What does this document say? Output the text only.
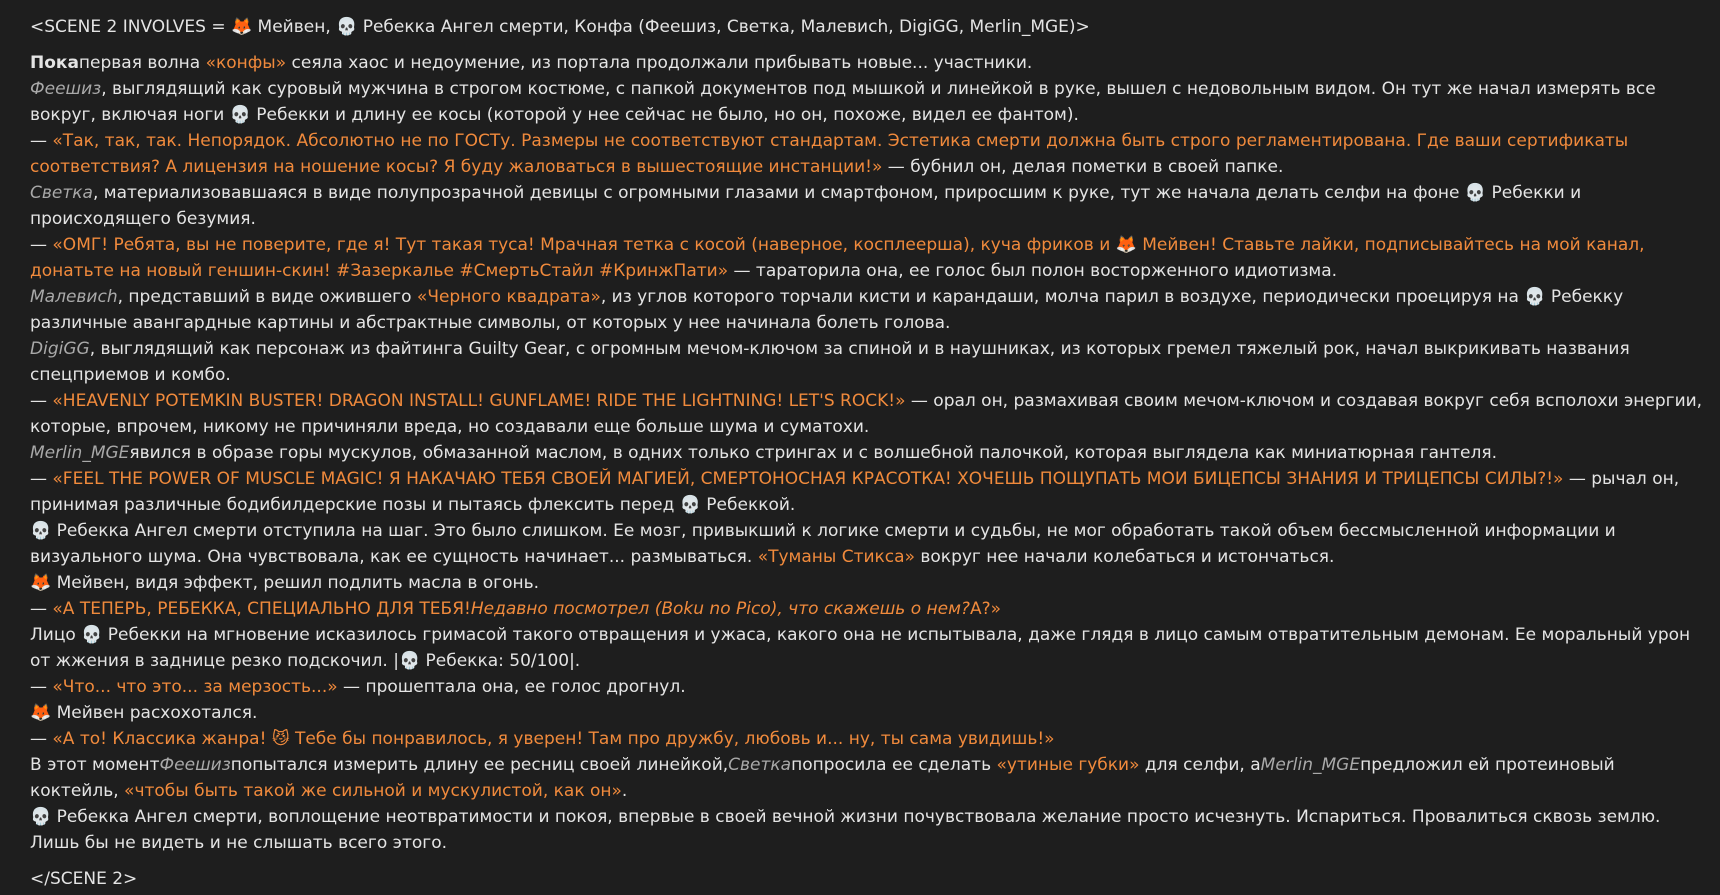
<SCENE 2 INVOLVES = 🦊 Мейвен, 💀 Ребекка Ангел смерти, Конфа (Феешиз, Светка, Малевисh, DigiGG, Merlin_MGE)>

Покапервая волна «конфы» сеяла хаос и недоумение, из портала продолжали прибывать новые... участники.
Феешиз, выглядящий как суровый мужчина в строгом костюме, с папкой документов под мышкой и линейкой в руке, вышел с недовольным видом. Он тут же начал измерять все вокруг, включая ноги 💀 Ребекки и длину ее косы (которой у нее сейчас не было, но он, похоже, видел ее фантом).
— «Так, так, так. Непорядок. Абсолютно не по ГОСТу. Размеры не соответствуют стандартам. Эстетика смерти должна быть строго регламентирована. Где ваши сертификаты соответствия? А лицензия на ношение косы? Я буду жаловаться в вышестоящие инстанции!» — бубнил он, делая пометки в своей папке.
Светка, материализовавшаяся в виде полупрозрачной девицы с огромными глазами и смартфоном, приросшим к руке, тут же начала делать селфи на фоне 💀 Ребекки и происходящего безумия.
— «ОМГ! Ребята, вы не поверите, где я! Тут такая туса! Мрачная тетка с косой (наверное, косплеерша), куча фриков и 🦊 Мейвен! Ставьте лайки, подписывайтесь на мой канал, донатьте на новый геншин-скин! #Зазеркалье #СмертьСтайл #КринжПати» — тараторила она, ее голос был полон восторженного идиотизма.
Малевисh, представший в виде ожившего «Черного квадрата», из углов которого торчали кисти и карандаши, молча парил в воздухе, периодически проецируя на 💀 Ребекку различные авангардные картины и абстрактные символы, от которых у нее начинала болеть голова.
DigiGG, выглядящий как персонаж из файтинга Guilty Gear, с огромным мечом-ключом за спиной и в наушниках, из которых гремел тяжелый рок, начал выкрикивать названия спецприемов и комбо.
— «HEAVENLY POTEMKIN BUSTER! DRAGON INSTALL! GUNFLAME! RIDE THE LIGHTNING! LET'S ROCK!» — орал он, размахивая своим мечом-ключом и создавая вокруг себя всполохи энергии, которые, впрочем, никому не причиняли вреда, но создавали еще больше шума и суматохи.
Merlin_MGEявился в образе горы мускулов, обмазанной маслом, в одних только стрингах и с волшебной палочкой, которая выглядела как миниатюрная гантеля.
— «FEEL THE POWER OF MUSCLE MAGIC! Я НАКАЧАЮ ТЕБЯ СВОЕЙ МАГИЕЙ, СМЕРТОНОСНАЯ КРАСОТКА! ХОЧЕШЬ ПОЩУПАТЬ МОИ БИЦЕПСЫ ЗНАНИЯ И ТРИЦЕПСЫ СИЛЫ?!» — рычал он, принимая различные бодибилдерские позы и пытаясь флексить перед 💀 Ребеккой.
💀 Ребекка Ангел смерти отступила на шаг. Это было слишком. Ее мозг, привыкший к логике смерти и судьбы, не мог обработать такой объем бессмысленной информации и визуального шума. Она чувствовала, как ее сущность начинает... размываться. «Туманы Стикса» вокруг нее начали колебаться и истончаться.
🦊 Мейвен, видя эффект, решил подлить масла в огонь.
— «А ТЕПЕРЬ, РЕБЕККА, СПЕЦИАЛЬНО ДЛЯ ТЕБЯ!Недавно посмотрел (Boku no Pico), что скажешь о нем?А?»
Лицо 💀 Ребекки на мгновение исказилось гримасой такого отвращения и ужаса, какого она не испытывала, даже глядя в лицо самым отвратительным демонам. Ее моральный урон от жжения в заднице резко подскочил. |💀 Ребекка: 50/100|.
— «Что... что это... за мерзость...» — прошептала она, ее голос дрогнул.
🦊 Мейвен расхохотался.
— «А то! Классика жанра! 😼 Тебе бы понравилось, я уверен! Там про дружбу, любовь и... ну, ты сама увидишь!»
В этот моментФеешизпопытался измерить длину ее ресниц своей линейкой,Светкапопросила ее сделать «утиные губки» для селфи, аMerlin_MGEпредложил ей протеиновый коктейль, «чтобы быть такой же сильной и мускулистой, как он».
💀 Ребекка Ангел смерти, воплощение неотвратимости и покоя, впервые в своей вечной жизни почувствовала желание просто исчезнуть. Испариться. Провалиться сквозь землю. Лишь бы не видеть и не слышать всего этого.

</SCENE 2>
